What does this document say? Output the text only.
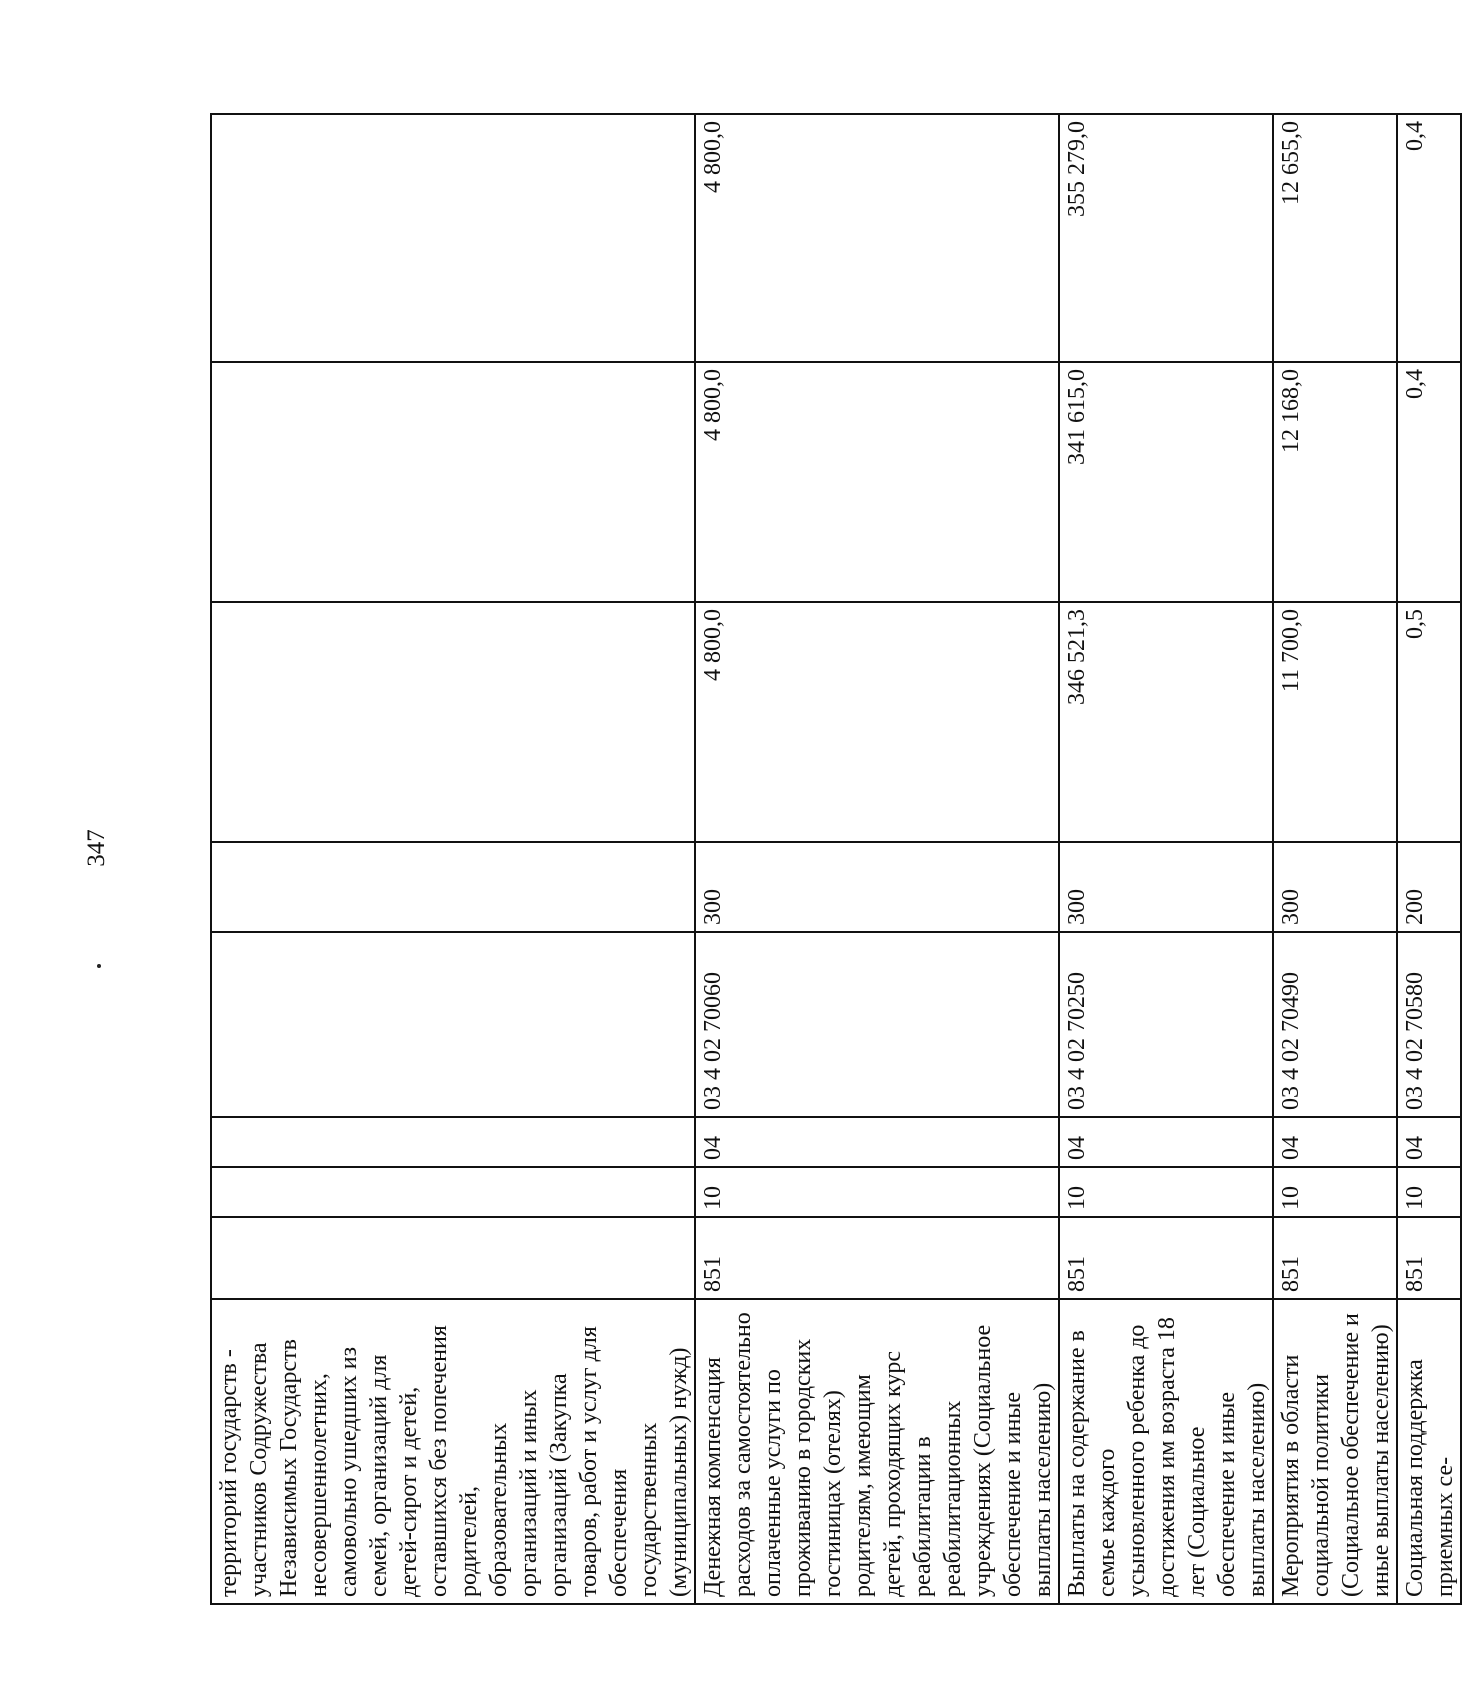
347
территорий государств - участников Содружества Независимых Государств несовершеннолетних, самовольно ушедших из семей, организаций для детей-сирот и детей, оставшихся без попечения родителей, образовательных организаций и иных организаций (Закупка товаров, работ и услуг для обеспечения государственных (муниципальных) нужд)								
Денежная компенсация расходов за самостоятельно оплаченные услуги по проживанию в городских гостиницах (отелях) родителям, имеющим детей, проходящих курс реабилитации в реабилитационных учреждениях (Социальное обеспечение и иные выплаты населению)	851	10	04	03 4 02 70060	300	4 800,0	4 800,0	4 800,0
Выплаты на содержание в семье каждого усыновленного ребенка до достижения им возраста 18 лет (Социальное обеспечение и иные выплаты населению)	851	10	04	03 4 02 70250	300	346 521,3	341 615,0	355 279,0
Мероприятия в области социальной политики (Социальное обеспечение и иные выплаты населению)	851	10	04	03 4 02 70490	300	11 700,0	12 168,0	12 655,0
Социальная поддержка приемных се-	851	10	04	03 4 02 70580	200	0,5	0,4	0,4
